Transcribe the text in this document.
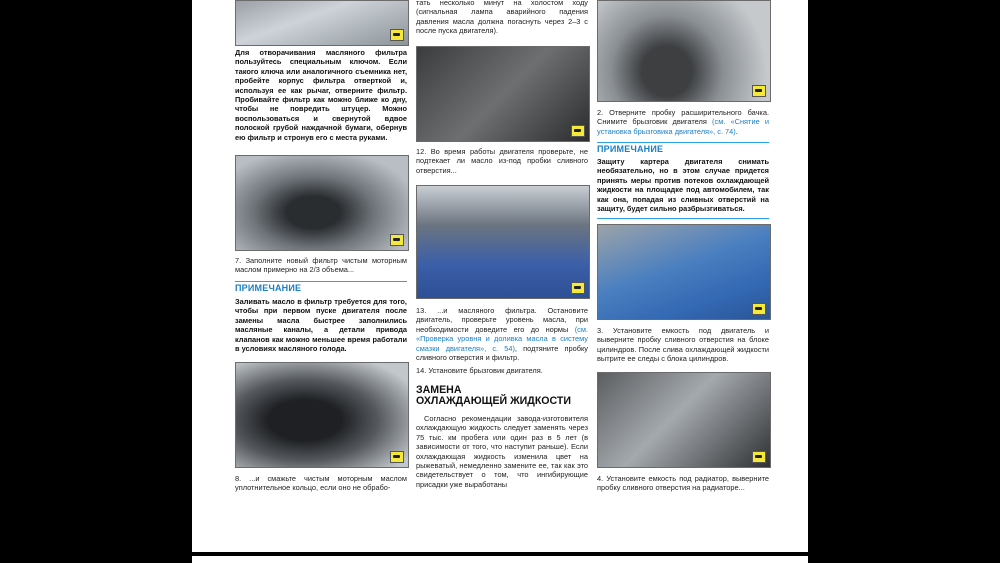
Для отворачивания масляного фильтра пользуйтесь специальным ключом. Если такого ключа или аналогичного съемника нет, пробейте корпус фильтра отверткой и, используя ее как рычаг, отверните фильтр. Пробивайте фильтр как можно ближе ко дну, чтобы не повредить штуцер. Можно воспользоваться и свернутой вдвое полоской грубой наждачной бумаги, обернув ею фильтр и стронув его с места руками.
7. Заполните новый фильтр чистым моторным маслом примерно на 2/3 объема...
ПРИМЕЧАНИЕ
Заливать масло в фильтр требуется для того, чтобы при первом пуске двигателя после замены масла быстрее заполнились масляные каналы, а детали привода клапанов как можно меньшее время работали в условиях масляного голода.
8. ...и смажьте чистым моторным маслом уплотнительное кольцо, если оно не обрабо-
тать несколько минут на холостом ходу (сигнальная лампа аварийного падения давления масла должна погаснуть через 2–3 с после пуска двигателя).
12. Во время работы двигателя проверьте, не подтекает ли масло из-под пробки сливного отверстия...
13. ...и масляного фильтра. Остановите двигатель, проверьте уровень масла, при необходимости доведите его до нормы (см. «Проверка уровня и доливка масла в систему смазки двигателя», с. 54), подтяните пробку сливного отверстия и фильтр.
14. Установите брызговик двигателя.
ЗАМЕНА
ОХЛАЖДАЮЩЕЙ ЖИДКОСТИ
Согласно рекомендации завода-изготовителя охлаждающую жидкость следует заменять через 75 тыс. км пробега или один раз в 5 лет (в зависимости от того, что наступит раньше). Если охлаждающая жидкость изменила цвет на рыжеватый, немедленно замените ее, так как это свидетельствует о том, что ингибирующие присадки уже выработаны
2. Отверните пробку расширительного бачка. Снимите брызговик двигателя (см. «Снятие и установка брызговика двигателя», с. 74).
ПРИМЕЧАНИЕ
Защиту картера двигателя снимать необязательно, но в этом случае придется принять меры против потеков охлаждающей жидкости на площадке под автомобилем, так как она, попадая из сливных отверстий на защиту, будет сильно разбрызгиваться.
3. Установите емкость под двигатель и выверните пробку сливного отверстия на блоке цилиндров. После слива охлаждающей жидкости вытрите ее следы с блока цилиндров.
4. Установите емкость под радиатор, выверните пробку сливного отверстия на радиаторе...
